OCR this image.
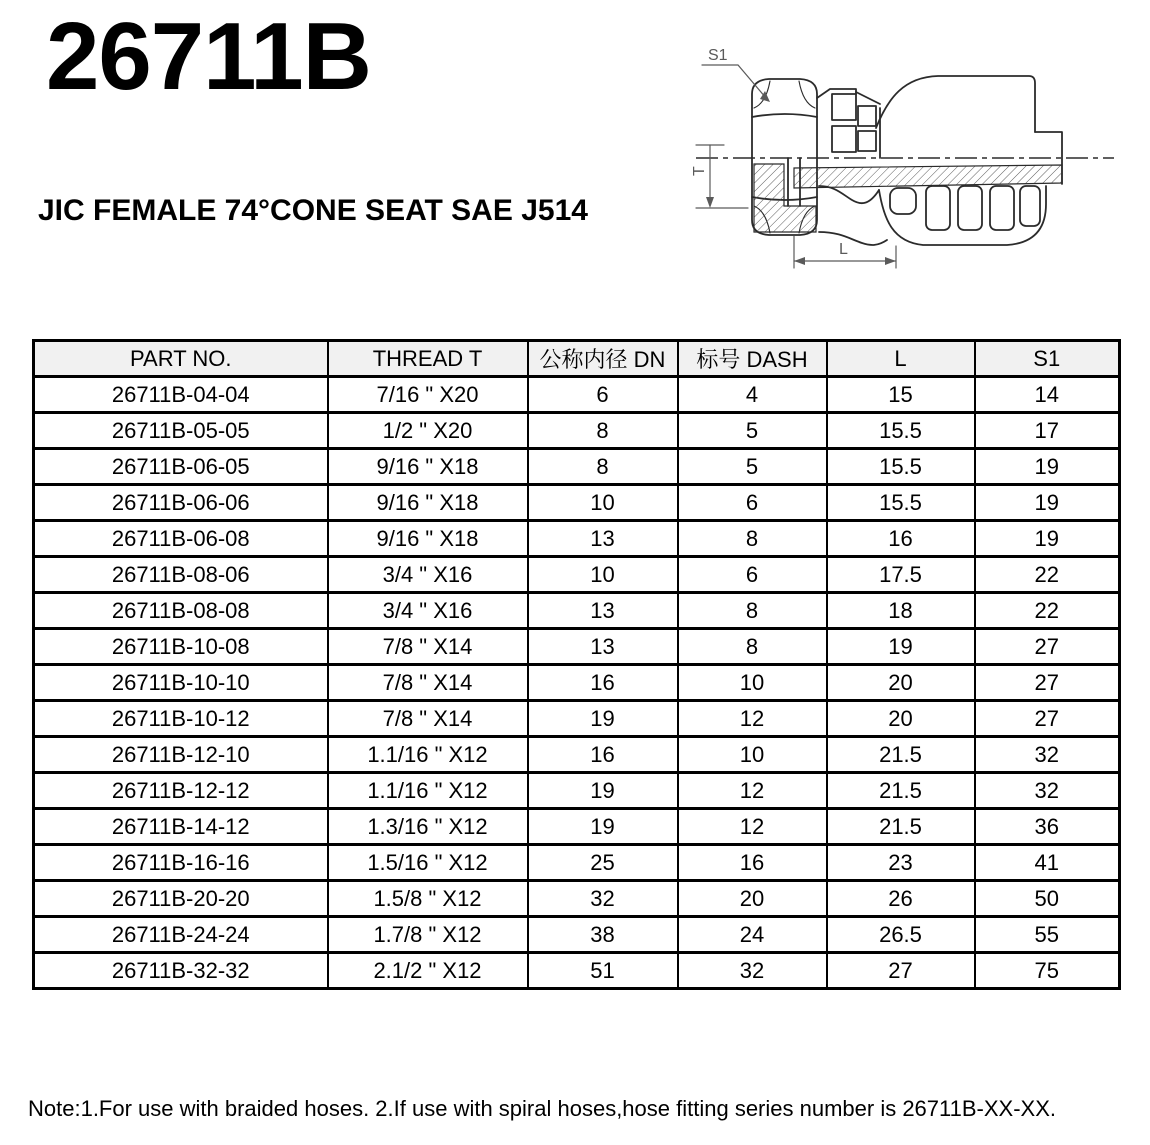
26711B
JIC FEMALE 74°CONE SEAT SAE J514
S1
T
L
PART NO.	THREAD T	公称内径 DN	标号 DASH	L	S1
26711B-04-04	7/16 " X20	6	4	15	14
26711B-05-05	1/2 " X20	8	5	15.5	17
26711B-06-05	9/16 " X18	8	5	15.5	19
26711B-06-06	9/16 " X18	10	6	15.5	19
26711B-06-08	9/16 " X18	13	8	16	19
26711B-08-06	3/4 " X16	10	6	17.5	22
26711B-08-08	3/4 " X16	13	8	18	22
26711B-10-08	7/8 " X14	13	8	19	27
26711B-10-10	7/8 " X14	16	10	20	27
26711B-10-12	7/8 " X14	19	12	20	27
26711B-12-10	1.1/16 " X12	16	10	21.5	32
26711B-12-12	1.1/16 " X12	19	12	21.5	32
26711B-14-12	1.3/16 " X12	19	12	21.5	36
26711B-16-16	1.5/16 " X12	25	16	23	41
26711B-20-20	1.5/8 " X12	32	20	26	50
26711B-24-24	1.7/8 " X12	38	24	26.5	55
26711B-32-32	2.1/2 " X12	51	32	27	75
Note:1.For use with braided hoses. 2.If use with spiral hoses,hose fitting series number is 26711B-XX-XX.
